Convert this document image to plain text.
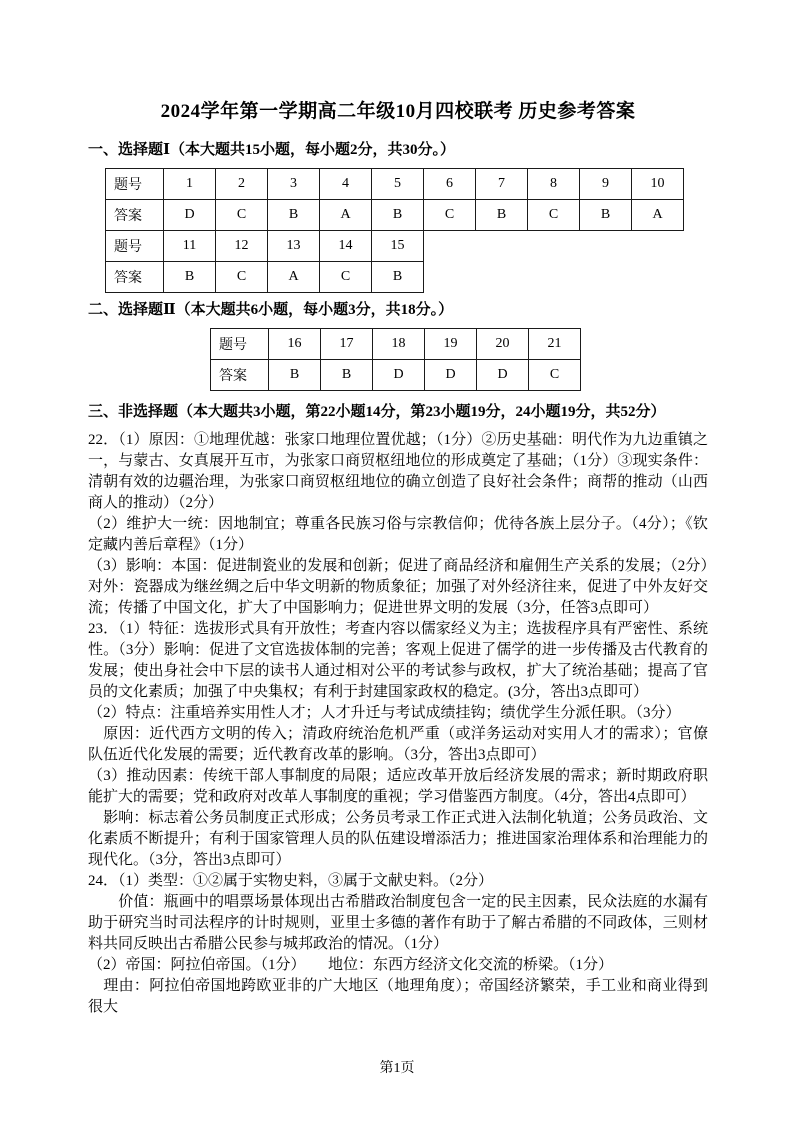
2024学年第一学期高二年级10月四校联考 历史参考答案
一、选择题Ⅰ（本大题共15小题，每小题2分，共30分。）
题号	1	2	3	4	5	6	7	8	9	10
答案	D	C	B	A	B	C	B	C	B	A
题号	11	12	13	14	15					
答案	B	C	A	C	B					
二、选择题Ⅱ（本大题共6小题，每小题3分，共18分。）
题号	16	17	18	19	20	21
答案	B	B	D	D	D	C
三、非选择题（本大题共3小题，第22小题14分，第23小题19分，24小题19分，共52分）

22．（1）原因：①地理优越：张家口地理位置优越；（1分）②历史基础：明代作为九边重镇之一，与蒙古、女真展开互市，为张家口商贸枢纽地位的形成奠定了基础；（1分）③现实条件：清朝有效的边疆治理，为张家口商贸枢纽地位的确立创造了良好社会条件；商帮的推动（山西商人的推动）（2分）

（2）维护大一统：因地制宜；尊重各民族习俗与宗教信仰；优待各族上层分子。（4分）；《钦定藏内善后章程》（1分）

（3）影响：本国：促进制瓷业的发展和创新；促进了商品经济和雇佣生产关系的发展；（2分）对外：瓷器成为继丝绸之后中华文明新的物质象征；加强了对外经济往来，促进了中外友好交流；传播了中国文化，扩大了中国影响力；促进世界文明的发展（3分，任答3点即可）

23．（1）特征：选拔形式具有开放性；考查内容以儒家经义为主；选拔程序具有严密性、系统性。（3分）影响：促进了文官选拔体制的完善；客观上促进了儒学的进一步传播及古代教育的发展；使出身社会中下层的读书人通过相对公平的考试参与政权，扩大了统治基础；提高了官员的文化素质；加强了中央集权；有利于封建国家政权的稳定。(3分，答出3点即可）

（2）特点：注重培养实用性人才；人才升迁与考试成绩挂钩；绩优学生分派任职。（3分）

　原因：近代西方文明的传入；清政府统治危机严重（或洋务运动对实用人才的需求）；官僚队伍近代化发展的需要；近代教育改革的影响。（3分，答出3点即可）

（3）推动因素：传统干部人事制度的局限；适应改革开放后经济发展的需求；新时期政府职能扩大的需要；党和政府对改革人事制度的重视；学习借鉴西方制度。（4分，答出4点即可）

　影响：标志着公务员制度正式形成；公务员考录工作正式进入法制化轨道；公务员政治、文化素质不断提升；有利于国家管理人员的队伍建设增添活力；推进国家治理体系和治理能力的现代化。（3分，答出3点即可）

24．（1）类型：①②属于实物史料，③属于文献史料。（2分）

　　价值：瓶画中的唱票场景体现出古希腊政治制度包含一定的民主因素，民众法庭的水漏有助于研究当时司法程序的计时规则，亚里士多德的著作有助于了解古希腊的不同政体，三则材料共同反映出古希腊公民参与城邦政治的情况。（1分）

（2）帝国：阿拉伯帝国。（1分）　　地位：东西方经济文化交流的桥梁。（1分）

　理由：阿拉伯帝国地跨欧亚非的广大地区（地理角度）；帝国经济繁荣，手工业和商业得到很大

第1页
